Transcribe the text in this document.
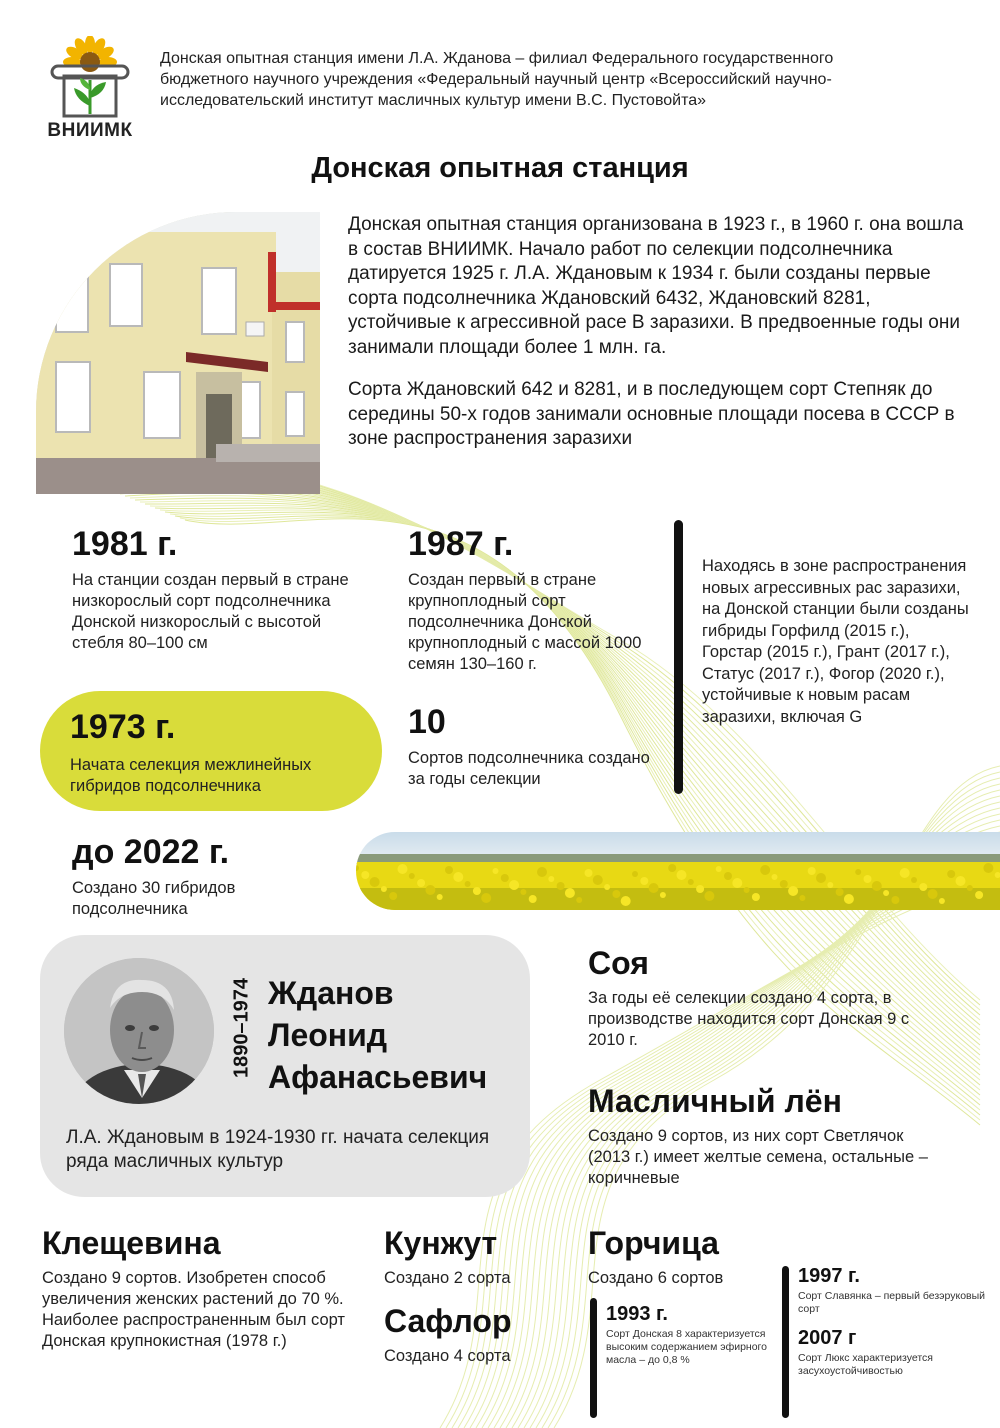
ВНИИМК
Донская опытная станция имени Л.А. Жданова – филиал Федерального государственного бюджетного научного учреждения «Федеральный научный центр «Всероссийский научно-исследовательский институт масличных культур имени В.С. Пустовойта»
Донская опытная станция

Донская опытная станция организована в 1923 г., в 1960 г. она вошла в состав ВНИИМК. Начало работ по селекции подсолнечника датируется 1925 г. Л.А. Ждановым к 1934 г. были созданы первые сорта подсолнечника Ждановский 6432, Ждановский 8281, устойчивые к агрессивной расе В заразихи. В предвоенные годы они занимали площади более 1 млн. га.

Сорта Ждановский 642 и 8281, и в последующем сорт Степняк до середины 50-х годов занимали основные площади посева в СССР в зоне распространения заразихи

1981 г.
На станции создан первый в стране низкорослый сорт подсолнечника Донской низкорослый с высотой стебля 80–100 см
1987 г.
Создан первый в стране крупноплодный сорт подсолнечника Донской крупноплодный с массой 1000 семян 130–160 г.
Находясь в зоне распространения новых агрессивных рас заразихи, на Донской станции были созданы гибриды Горфилд (2015 г.), Горстар (2015 г.), Грант (2017 г.), Статус (2017 г.), Фогор (2020 г.), устойчивые к новым расам заразихи, включая G
1973 г.
Начата селекция межлинейных гибридов подсолнечника
10
Сортов подсолнечника создано за годы селекции
до 2022 г.
Создано 30 гибридов подсолнечника
1890–1974 Жданов
Леонид
Афанасьевич
Л.А. Ждановым в 1924-1930 гг. начата селекция ряда масличных культур
Соя
За годы её селекции создано 4 сорта, в производстве находится сорт Донская 9 с 2010 г.
Масличный лён
Создано 9 сортов, из них сорт Светлячок (2013 г.) имеет желтые семена, остальные – коричневые
Клещевина
Создано 9 сортов. Изобретен способ увеличения женских растений до 70 %. Наиболее распространенным был сорт Донская крупнокистная (1978 г.)
Кунжут
Создано 2 сорта
Сафлор
Создано 4 сорта
Горчица
Создано 6 сортов
1993 г.
Сорт Донская 8 характеризуется высоким содержанием эфирного масла – до 0,8 %
1997 г.
Сорт Славянка – первый безэруковый сорт
2007 г
Сорт Люкс характеризуется засухоустойчивостью
